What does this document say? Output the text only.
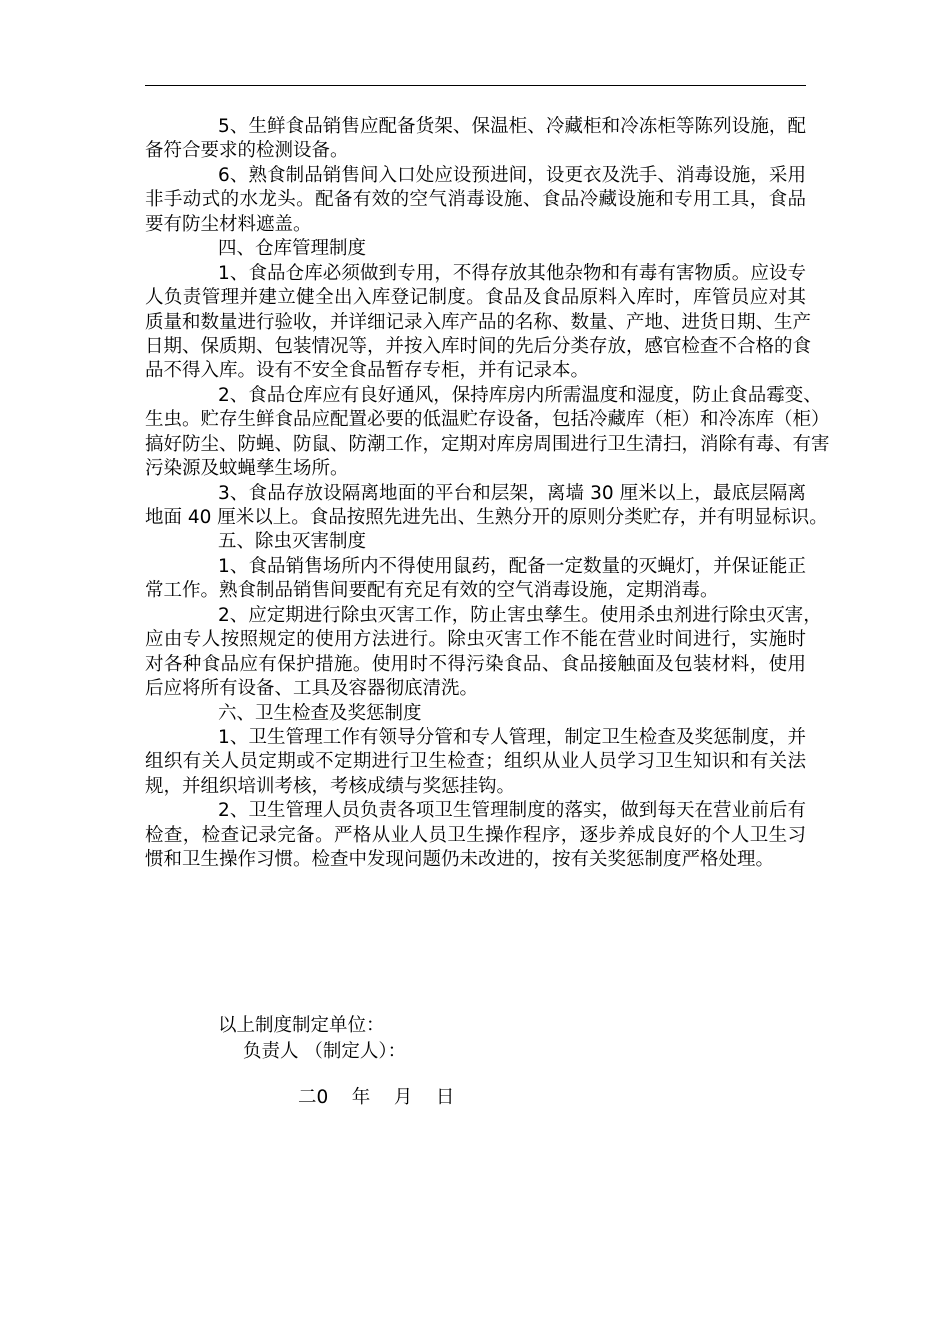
5、生鲜食品销售应配备货架、保温柜、冷藏柜和冷冻柜等陈列设施，配
备符合要求的检测设备。
6、熟食制品销售间入口处应设预进间，设更衣及洗手、消毒设施，采用
非手动式的水龙头。配备有效的空气消毒设施、食品冷藏设施和专用工具，食品
要有防尘材料遮盖。
四、仓库管理制度
1、食品仓库必须做到专用，不得存放其他杂物和有毒有害物质。应设专
人负责管理并建立健全出入库登记制度。食品及食品原料入库时，库管员应对其
质量和数量进行验收，并详细记录入库产品的名称、数量、产地、进货日期、生产
日期、保质期、包装情况等，并按入库时间的先后分类存放，感官检查不合格的食
品不得入库。设有不安全食品暂存专柜，并有记录本。
2、食品仓库应有良好通风，保持库房内所需温度和湿度，防止食品霉变、
生虫。贮存生鲜食品应配置必要的低温贮存设备，包括冷藏库（柜）和冷冻库（柜）
搞好防尘、防蝇、防鼠、防潮工作，定期对库房周围进行卫生清扫，消除有毒、有害
污染源及蚊蝇孳生场所。
3、食品存放设隔离地面的平台和层架，离墙 30 厘米以上，最底层隔离
地面 40 厘米以上。食品按照先进先出、生熟分开的原则分类贮存，并有明显标识。
五、除虫灭害制度
1、食品销售场所内不得使用鼠药，配备一定数量的灭蝇灯，并保证能正
常工作。熟食制品销售间要配有充足有效的空气消毒设施，定期消毒。
2、应定期进行除虫灭害工作，防止害虫孳生。使用杀虫剂进行除虫灭害，
应由专人按照规定的使用方法进行。除虫灭害工作不能在营业时间进行，实施时
对各种食品应有保护措施。使用时不得污染食品、食品接触面及包装材料，使用
后应将所有设备、工具及容器彻底清洗。
六、卫生检查及奖惩制度
1、卫生管理工作有领导分管和专人管理，制定卫生检查及奖惩制度，并
组织有关人员定期或不定期进行卫生检查；组织从业人员学习卫生知识和有关法
规，并组织培训考核，考核成绩与奖惩挂钩。
2、卫生管理人员负责各项卫生管理制度的落实，做到每天在营业前后有
检查，检查记录完备。严格从业人员卫生操作程序，逐步养成良好的个人卫生习
惯和卫生操作习惯。检查中发现问题仍未改进的，按有关奖惩制度严格处理。
以上制度制定单位：
负责人 （制定人）：
二0    年    月    日
